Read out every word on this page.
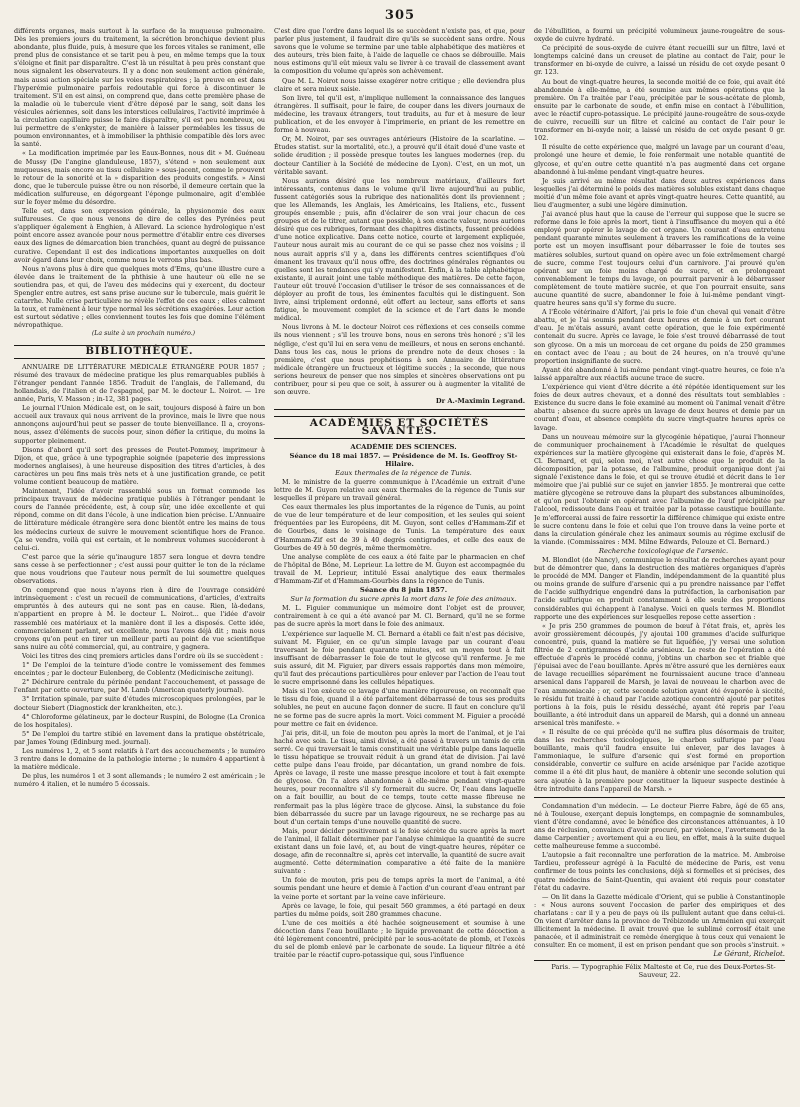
305

différents organes, mais surtout à la surface de la muqueuse pulmonaire. Dès les premiers jours du traitement, la sécrétion bronchique devient plus abondante, plus fluide, puis, à mesure que les forces vitales se raniment, elle prend plus de consistance et se tarit peu à peu, en même temps que la toux s'éloigne et finit par disparaître. C'est là un résultat à peu près constant que nous signalent les observateurs. Il y a donc non seulement action générale, mais aussi action spéciale sur les voies respiratoires ; la preuve en est dans l'hyperémie pulmonaire parfois redoutable qui force à discontinuer le traitement. S'il en est ainsi, on comprend que, dans cette première phase de la maladie où le tubercule vient d'être déposé par le sang, soit dans les vésicules aériennes, soit dans les interstices cellulaires, l'activité imprimée à la circulation capillaire puisse le faire disparaître, s'il est peu nombreux, ou lui permettre de s'enkyster, de manière à laisser perméables les tissus de poumon environnantes, et à immobiliser la phthisie compatible dès lors avec la santé.

« La modification imprimée par les Eaux-Bonnes, nous dit » M. Guéneau de Mussy (De l'angine glanduleuse, 1857), s'étend » non seulement aux muqueuses, mais encore au tissu cellulaire » sous-jacent, comme le prouvent le retour de la sonorité et la » disparition des produits congestifs. » Ainsi donc, que le tubercule puisse être ou non résorbé, il demeure certain que la médication sulfureuse, en dégorgeant l'éponge pulmonaire, agit d'emblée sur le foyer même du désordre.

Telle est, dans son expression générale, la physionomie des eaux sulfureuses. Ce que nous venons de dire de celles des Pyrénées peut s'appliquer également à Enghien, à Allevard. La science hydrologique n'est point encore assez avancée pour nous permettre d'établir entre ces diverses eaux des lignes de démarcation bien tranchées, quant au degré de puissance curative. Cependant il est des indications importantes auxquelles on doit avoir égard dans leur choix, comme nous le verrons plus bas.

Nous n'avons plus à dire que quelques mots d'Ems, qu'une illustre cure a élevée dans le traitement de la phthisie à une hauteur où elle ne se soutiendra pas, et qui, de l'aveu des médecins qui y exercent, du docteur Spengler entre autres, est sans prise aucune sur le tubercule, mais guérit le catarrhe. Nulle crise particulière ne révèle l'effet de ces eaux ; elles calment la toux, et ramènent à leur type normal les sécrétions exagérées. Leur action est surtout sédative ; elles conviennent toutes les fois que domine l'élément névropathique.

(La suite à un prochain numéro.)

BIBLIOTHÈQUE.

ANNUAIRE DE LITTÉRATURE MÉDICALE ÉTRANGÈRE POUR 1857 ; résumé des travaux de médecine pratique les plus remarquables publiés à l'étranger pendant l'année 1856. Traduit de l'anglais, de l'allemand, du hollandais, de l'italien et de l'espagnol, par M. le docteur L. Noirot. — 1re année, Paris, V. Masson ; in-12, 381 pages.

Le journal l'Union Médicale est, on le sait, toujours disposé à faire un bon accueil aux travaux qui nous arrivent de la province, mais le livre que nous annonçons aujourd'hui peut se passer de toute bienveillance. Il a, croyons-nous, assez d'éléments de succès pour, sinon défier la critique, du moins la supporter pleinement.

Disons d'abord qu'il sort des presses de Peutet-Pommey, imprimeur à Dijon, et que, grâce à une typographie soignée (papeterie des impressions modernes anglaises), à une heureuse disposition des titres d'articles, à des caractères un peu fins mais très nets et à une justification grande, ce petit volume contient beaucoup de matière.

Maintenant, l'idée d'avoir rassemblé sous un format commode les principaux travaux de médecine pratique publiés à l'étranger pendant le cours de l'année précédente, est, à coup sûr, une idée excellente et qui répond, comme on dit dans l'école, à une indication bien précise. L'Annuaire de littérature médicale étrangère sera donc bientôt entre les mains de tous les médecins curieux de suivre le mouvement scientifique hors de France. Ça se vendra, voilà qui est certain, et le nombreux volumes succéderont à celui-ci.

C'est parce que la série qu'inaugure 1857 sera longue et devra tendre sans cesse à se perfectionner ; c'est aussi pour quitter le ton de la réclame que nous voudrions que l'auteur nous permît de lui soumettre quelques observations.

On comprend que nous n'ayons rien à dire de l'ouvrage considéré intrinsèquement : c'est un recueil de communications, d'articles, d'extraits empruntés à des auteurs qui ne sont pas en cause. Rien, là-dedans, n'appartient en propre à M. le docteur L. Noirot... que l'idée d'avoir rassemblé ces matériaux et la manière dont il les a disposés. Cette idée, commercialement parlant, est excellente, nous l'avons déjà dit ; mais nous croyons qu'on peut en tirer un meilleur parti au point de vue scientifique sans nuire au côté commercial, qui, au contraire, y gagnera.

Voici les titres des cinq premiers articles dans l'ordre où ils se succèdent :

1° De l'emploi de la teinture d'iode contre le vomissement des femmes enceintes ; par le docteur Eulenberg, de Coblentz (Medicinische zeitung).

2° Déchirure centrale du périnée pendant l'accouchement, et passage de l'enfant par cette ouverture, par M. Lamb (American quaterly journal).

3° Irritation spinale, par suite d'études microscopiques prolongées, par le docteur Siebert (Diagnostick der krankheiten, etc.).

4° Chloroforme gélatineux, par le docteur Ruspini, de Bologne (La Cronica de los hospitales).

5° De l'emploi du tartre stibié en lavement dans la pratique obstétricale, par James Young (Edinburg med. journal).

Les numéros 1, 2, et 5 sont relatifs à l'art des accouchements ; le numéro 3 rentre dans le domaine de la pathologie interne ; le numéro 4 appartient à la matière médicale.

De plus, les numéros 1 et 3 sont allemands ; le numéro 2 est américain ; le numéro 4 italien, et le numéro 5 écossais.

C'est dire que l'ordre dans lequel ils se succèdent n'existe pas, et que, pour parler plus justement, il faudrait dire qu'ils se succèdent sans ordre. Nous savons que le volume se termine par une table alphabétique des matières et des auteurs, très bien faite, à l'aide de laquelle ce chaos se débrouille. Mais nous estimons qu'il eût mieux valu se livrer à ce travail de classement avant la composition du volume qu'après son achèvement.

Que M. L. Noirot nous laisse exagérer notre critique ; elle deviendra plus claire et sera mieux saisie.

Son livre, tel qu'il est, n'implique nullement la connaissance des langues étrangères. Il suffisait, pour le faire, de couper dans les divers journaux de médecine, les travaux étrangers, tout traduits, au fur et à mesure de leur publication, et de les envoyer à l'imprimerie, en priant de les remettre en forme à nouveau.

Or, M. Noirot, par ses ouvrages antérieurs (Histoire de la scarlatine. — Études statist. sur la mortalité, etc.), a prouvé qu'il était doué d'une vaste et solide érudition ; il possède presque toutes les langues modernes (rep. du docteur Cantilier à la Société de médecine de Lyon). C'est, en un mot, un véritable savant.

Nous aurions désiré que les nombreux matériaux, d'ailleurs fort intéressants, contenus dans le volume qu'il livre aujourd'hui au public, fussent catégoriés sous la rubrique des nationalités dont ils proviennent ; que les Allemands, les Anglais, les Américains, les Italiens, etc., fussent groupés ensemble ; puis, afin d'éclairer de son vrai jour chacun de ces groupes et de le titrer, autant que possible, à son exacte valeur, nous aurions désiré que ces rubriques, formant des chapitres distincts, fussent précédées d'une notice explicative. Dans cette notice, courte et largement expliquée, l'auteur nous aurait mis au courant de ce qui se passe chez nos voisins ; il nous aurait appris s'il y a, dans les différents centres scientifiques d'où émanent les travaux qu'il nous offre, des doctrines générales régnantes ou quelles sont les tendances qui s'y manifestent. Enfin, à la table alphabétique existante, il aurait joint une table méthodique des matières. De cette façon, l'auteur eût trouvé l'occasion d'utiliser le trésor de ses connaissances et de déployer au profit de tous, les éminentes facultés qui le distinguent. Son livre, ainsi triplement ordonné, eût offert au lecteur, sans efforts et sans fatigue, le mouvement complet de la science et de l'art dans le monde médical.

Nous livrons à M. le docteur Noirot ces réflexions et ces conseils comme ils nous viennent ; s'il les trouve bons, nous en serons très honoré ; s'il les néglige, c'est qu'il lui en sera venu de meilleurs, et nous en serons enchanté. Dans tous les cas, nous le prions de prendre note de deux choses : la première, c'est que nous prophétisons à son Annuaire de littérature médicale étrangère un fructueux et légitime succès ; la seconde, que nous serions heureux de penser que nos simples et sincères observations ont pu contribuer, pour si peu que ce soit, à assurer ou à augmenter la vitalité de son œuvre.

Dr A.-Maximin Legrand.

ACADÉMIES ET SOCIÉTÉS SAVANTES.

ACADÉMIE DES SCIENCES.

Séance du 18 mai 1857. — Présidence de M. Is. Geoffroy St-Hilaire.

Eaux thermales de la régence de Tunis.

M. le ministre de la guerre communique à l'Académie un extrait d'une lettre de M. Guyon relative aux eaux thermales de la régence de Tunis sur lesquelles il prépare un travail général.

Ces eaux thermales les plus importantes de la régence de Tunis, au point de vue de leur température et de leur composition, et les seules qui soient fréquentées par les Européens, dit M. Guyon, sont celles d'Hammam-Zif et de Gourbes, dans le voisinage de Tunis. La température des eaux d'Hammam-Zif est de 39 à 40 degrés centigrades, et celle des eaux de Gourbes de 49 à 50 degrés, même thermomètre.

Une analyse complète de ces eaux a été faite par le pharmacien en chef de l'hôpital de Bône, M. Leprieur. La lettre de M. Guyon est accompagnée du travail de M. Leprieur, intitulé Essai analytique des eaux thermales d'Hammam-Zif et d'Hammam-Gourbès dans la régence de Tunis.

Séance du 8 juin 1857.

Sur la formation du sucre après la mort dans le foie des animaux.

M. L. Figuier communique un mémoire dont l'objet est de prouver, contrairement à ce qui a été avancé par M. Cl. Bernard, qu'il ne se forme pas de sucre après la mort dans le foie des animaux.

L'expérience sur laquelle M. Cl. Bernard a établi ce fait n'est pas décisive, suivant M. Figuier, en ce qu'un simple lavage par un courant d'eau traversant le foie pendant quarante minutes, est un moyen tout à fait insuffisant de débarrasser le foie de tout le glycose qu'il renferme. Je me suis assuré, dit M. Figuier, par divers essais rapportés dans mon mémoire, qu'il faut des précautions particulières pour enlever par l'action de l'eau tout le sucre emprisonné dans les cellules hépatiques.

Mais si l'on exécute ce lavage d'une manière rigoureuse, on reconnaît que le tissu du foie, quand il a été parfaitement débarrassé de tous ses produits solubles, ne peut en aucune façon donner de sucre. Il faut en conclure qu'il ne se forme pas de sucre après la mort. Voici comment M. Figuier a procédé pour mettre ce fait en évidence.

J'ai pris, dit-il, un foie de mouton peu après la mort de l'animal, et je l'ai haché avec soin. Le tissu, ainsi divisé, a été passé à travers un tamis de crin serré. Ce qui traversait le tamis constituait une véritable pulpe dans laquelle le tissu hépatique se trouvait réduit à un grand état de division. J'ai lavé cette pulpe dans l'eau froide, par décantation, un grand nombre de fois. Après ce lavage, il reste une masse presque incolore et tout à fait exempte de glycose. On l'a alors abandonnée à elle-même pendant vingt-quatre heures, pour reconnaître s'il s'y formerait du sucre. Or, l'eau dans laquelle on a fait bouillir, au bout de ce temps, toute cette masse fibreuse ne renfermait pas la plus légère trace de glycose. Ainsi, la substance du foie bien débarrassée du sucre par un lavage rigoureux, ne se recharge pas au bout d'un certain temps d'une nouvelle quantité de sucre.

Mais, pour décider positivement si le foie sécrète du sucre après la mort de l'animal, il fallait déterminer par l'analyse chimique la quantité de sucre existant dans un foie lavé, et, au bout de vingt-quatre heures, répéter ce dosage, afin de reconnaître si, après cet intervalle, la quantité de sucre avait augmenté. Cette détermination comparative a été faite de la manière suivante :

Un foie de mouton, pris peu de temps après la mort de l'animal, a été soumis pendant une heure et demie à l'action d'un courant d'eau entrant par la veine porte et sortant par la veine cave inférieure.

Après ce lavage, le foie, qui pesait 560 grammes, a été partagé en deux parties du même poids, soit 280 grammes chacune.

L'une de ces moitiés a été hachée soigneusement et soumise à une décoction dans l'eau bouillante ; le liquide provenant de cette décoction a été légèrement concentré, précipité par le sous-acétate de plomb, et l'excès du sel de plomb enlevé par le carbonate de soude. La liqueur filtrée a été traitée par le réactif cupro-potassique qui, sous l'influence

de l'ébullition, a fourni un précipité volumineux jaune-rougeâtre de sous-oxyde de cuivre hydraté.

Ce précipité de sous-oxyde de cuivre étant recueilli sur un filtre, lavé et longtemps calciné dans un creuset de platine au contact de l'air, pour le transformer en bi-oxyde de cuivre, a laissé un résidu de cet oxyde pesant 0 gr. 123.

Au bout de vingt-quatre heures, la seconde moitié de ce foie, qui avait été abandonnée à elle-même, a été soumise aux mêmes opérations que la première. On l'a traitée par l'eau, précipitée par le sous-acétate de plomb, ensuite par le carbonate de soude, et enfin mise en contact à l'ébullition, avec le réactif cupro-potassique. Le précipité jaune-rougeâtre de sous-oxyde de cuivre, recueilli sur un filtre et calciné au contact de l'air pour le transformer en bi-oxyde noir, a laissé un résidu de cet oxyde pesant 0 gr. 102.

Il résulte de cette expérience que, malgré un lavage par un courant d'eau, prolongé une heure et demie, le foie renfermait une notable quantité de glycose, et qu'en outre cette quantité n'a pas augmenté dans cet organe abandonné à lui-même pendant vingt-quatre heures.

Je suis arrivé au même résultat dans deux autres expériences dans lesquelles j'ai déterminé le poids des matières solubles existant dans chaque moitié d'un même foie avant et après vingt-quatre heures. Cette quantité, au lieu d'augmenter, a subi une légère diminution.

J'ai avancé plus haut que la cause de l'erreur qui suppose que le sucre se reforme dans le foie après la mort, tient à l'insuffisance du moyen qui a été employé pour opérer le lavage de cet organe. Un courant d'eau entretenu pendant quarante minutes seulement à travers les ramifications de la veine porte est un moyen insuffisant pour débarrasser le foie de toutes ses matières solubles, surtout quand on opère avec un foie extrêmement chargé de sucre, comme l'est toujours celui d'un carnivore. J'ai prouvé qu'en opérant sur un foie moins chargé de sucre, et en prolongeant convenablement le temps du lavage, on pourrait parvenir à le débarrasser complètement de toute matière sucrée, et que l'on pourrait ensuite, sans aucune quantité de sucre, abandonner le foie à lui-même pendant vingt-quatre heures sans qu'il s'y forme du sucre.

A l'École vétérinaire d'Alfort, j'ai pris le foie d'un cheval qui venait d'être abattu, et je l'ai soumis pendant deux heures et demie à un fort courant d'eau. Je m'étais assuré, avant cette opération, que le foie expérimenté contenait du sucre. Après ce lavage, le foie s'est trouvé débarrassé de tout son glycose. On a mis un morceau de cet organe du poids de 250 grammes en contact avec de l'eau ; au bout de 24 heures, on n'a trouvé qu'une proportion insignifiante de sucre.

Ayant été abandonné à lui-même pendant vingt-quatre heures, ce foie n'a laissé apparaître aux réactifs aucune trace de sucre.

L'expérience qui vient d'être décrite a été répétée identiquement sur les foies de deux autres chevaux, et a donné des résultats tout semblables : Existence du sucre dans le foie examiné au moment où l'animal venait d'être abattu ; absence du sucre après un lavage de deux heures et demie par un courant d'eau, et absence complète du sucre vingt-quatre heures après ce lavage.

Dans un nouveau mémoire sur la glycogénie hépatique, j'aurai l'honneur de communiquer prochainement à l'Académie le résultat de quelques expériences sur la matière glycogène qui existerait dans le foie, d'après M. Cl. Bernard, et qui, selon moi, n'est autre chose que le produit de la décomposition, par la potasse, de l'albumine, produit organique dont j'ai signalé l'existence dans le foie, et qui se trouve étudié et décrit dans le 1er mémoire que j'ai publié sur ce sujet en janvier 1855. Je montrerai que cette matière glycogène se retrouve dans la plupart des substances albuminoïdes, et qu'on peut l'obtenir en opérant avec l'albumine de l'œuf précipitée par l'alcool, redissoute dans l'eau et traitée par la potasse caustique bouillante. Je m'efforcerai aussi de faire ressortir la différence chimique qui existe entre le sucre contenu dans le foie et celui que l'on trouve dans la veine porte et dans la circulation générale chez les animaux soumis au régime exclusif de la viande. (Commissaires : MM. Milne Edwards, Pelouze et Cl. Bernard.)

Recherche toxicologique de l'arsenic.

M. Blondlot (de Nancy), communique le résultat de recherches ayant pour but de démontrer que, dans la destruction des matières organiques d'après le procédé de MM. Danger et Flandin, indépendamment de la quantité plus ou moins grande de sulfure d'arsenic qui a pu prendre naissance par l'effet de l'acide sulfhydrique engendré dans la putréfaction, la carbonisation par l'acide sulfurique en produit constamment à elle seule des proportions considérables qui échappent à l'analyse. Voici en quels termes M. Blondlot rapporte une des expériences sur lesquelles repose cette assertion :

« Je pris 250 grammes de poumon de bœuf à l'état frais, et, après les avoir grossièrement découpés, j'y ajoutai 100 grammes d'acide sulfurique concentré, puis, quand la matière se fut liquéfiée, j'y versai une solution filtrée de 2 centigrammes d'acide arsénieux. Le reste de l'opération a été effectuée d'après le procédé connu, j'obtins un charbon sec et friable que j'épuisai avec de l'eau bouillante. Après m'être assuré que les dernières eaux de lavage recueillies séparément ne fournissaient aucune trace d'anneau arsenical dans l'appareil de Marsh, je lavai de nouveau le charbon avec de l'eau ammoniacale ; or, cette seconde solution ayant été évaporée à siccité, le résidu fut traité à chaud par l'acide azotique concentré ajouté par petites portions à la fois, puis le résidu desséché, ayant été repris par l'eau bouillante, a été introduit dans un appareil de Marsh, qui a donné un anneau arsenical très manifeste. »

« Il résulte de ce qui précède qu'il ne suffira plus désormais de traiter, dans les recherches toxicologiques, le charbon sulfurique par l'eau bouillante, mais qu'il faudra ensuite lui enlever, par des lavages à l'ammoniaque, le sulfure d'arsenic qui s'est formé en proportion considérable, convertir ce sulfure en acide arsénique par l'acide azotique comme il a été dit plus haut, de manière à obtenir une seconde solution qui sera ajoutée à la première pour constituer la liqueur suspecte destinée à être introduite dans l'appareil de Marsh. »

Condamnation d'un médecin. — Le docteur Pierre Fabre, âgé de 65 ans, né à Toulouse, exerçant depuis longtemps, en compagnie de somnambules, vient d'être condamné, avec le bénéfice des circonstances atténuantes, à 10 ans de réclusion, convaincu d'avoir procuré, par violence, l'avortement de la dame Carpentier ; avortement qui a eu lieu, en effet, mais à la suite duquel cette malheureuse femme a succombé.

L'autopsie a fait reconnaître une perforation de la matrice. M. Ambroise Tardieu, professeur agrégé à la Faculté de médecine de Paris, est venu confirmer de tous points les conclusions, déjà si formelles et si précises, des quatre médecins de Saint-Quentin, qui avaient été requis pour constater l'état du cadavre.

— On lit dans la Gazette médicale d'Orient, qui se publie à Constantinople : « Nous aurons souvent l'occasion de parler des empiriques et des charlatans : car il y a peu de pays où ils pullulent autant que dans celui-ci. On vient d'arrêter dans la province de Trébizonde un Arménien qui exerçait illicitement la médecine. Il avait trouvé que le sublimé corrosif était une panacée, et il administrait ce remède énergique à tous ceux qui venaient le consulter. En ce moment, il est en prison pendant que son procès s'instruit. »

Le Gérant, Richelot.

Paris. — Typographie Félix Malteste et Ce, rue des Deux-Portes-St-Sauveur, 22.
